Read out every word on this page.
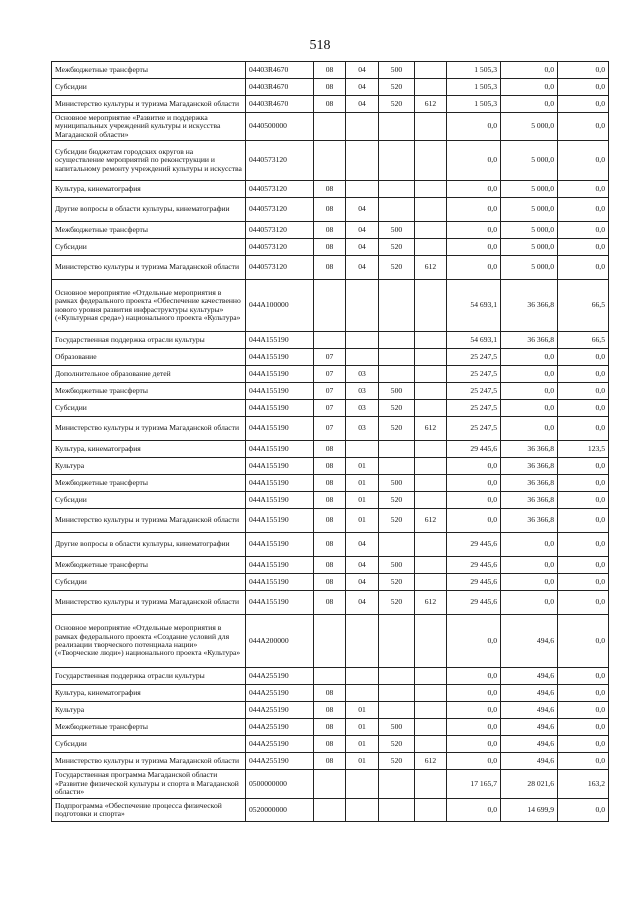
518
Межбюджетные трансферты	04403R4670	08	04	500		1 505,3	0,0	0,0
Субсидии	04403R4670	08	04	520		1 505,3	0,0	0,0
Министерство культуры и туризма Магаданской области	04403R4670	08	04	520	612	1 505,3	0,0	0,0
Основное мероприятие «Развитие и поддержка муниципальных учреждений культуры и искусства Магаданской области»	0440500000					0,0	5 000,0	0,0
Субсидии бюджетам городских округов на осуществление мероприятий по реконструкции и капитальному ремонту учреждений культуры и искусства	0440573120					0,0	5 000,0	0,0
Культура, кинематография	0440573120	08				0,0	5 000,0	0,0
Другие вопросы в области культуры, кинематографии	0440573120	08	04			0,0	5 000,0	0,0
Межбюджетные трансферты	0440573120	08	04	500		0,0	5 000,0	0,0
Субсидии	0440573120	08	04	520		0,0	5 000,0	0,0
Министерство культуры и туризма Магаданской области	0440573120	08	04	520	612	0,0	5 000,0	0,0
Основное мероприятие «Отдельные мероприятия в рамках федерального проекта «Обеспечение качественно нового уровня развития инфраструктуры культуры» («Культурная среда») национального проекта «Культура»	044A100000					54 693,1	36 366,8	66,5
Государственная поддержка отрасли культуры	044A155190					54 693,1	36 366,8	66,5
Образование	044A155190	07				25 247,5	0,0	0,0
Дополнительное образование детей	044A155190	07	03			25 247,5	0,0	0,0
Межбюджетные трансферты	044A155190	07	03	500		25 247,5	0,0	0,0
Субсидии	044A155190	07	03	520		25 247,5	0,0	0,0
Министерство культуры и туризма Магаданской области	044A155190	07	03	520	612	25 247,5	0,0	0,0
Культура, кинематография	044A155190	08				29 445,6	36 366,8	123,5
Культура	044A155190	08	01			0,0	36 366,8	0,0
Межбюджетные трансферты	044A155190	08	01	500		0,0	36 366,8	0,0
Субсидии	044A155190	08	01	520		0,0	36 366,8	0,0
Министерство культуры и туризма Магаданской области	044A155190	08	01	520	612	0,0	36 366,8	0,0
Другие вопросы в области культуры, кинематографии	044A155190	08	04			29 445,6	0,0	0,0
Межбюджетные трансферты	044A155190	08	04	500		29 445,6	0,0	0,0
Субсидии	044A155190	08	04	520		29 445,6	0,0	0,0
Министерство культуры и туризма Магаданской области	044A155190	08	04	520	612	29 445,6	0,0	0,0
Основное мероприятие «Отдельные мероприятия в рамках федерального проекта «Создание условий для реализации творческого потенциала нации» («Творческие люди») национального проекта «Культура»	044A200000					0,0	494,6	0,0
Государственная поддержка отрасли культуры	044A255190					0,0	494,6	0,0
Культура, кинематография	044A255190	08				0,0	494,6	0,0
Культура	044A255190	08	01			0,0	494,6	0,0
Межбюджетные трансферты	044A255190	08	01	500		0,0	494,6	0,0
Субсидии	044A255190	08	01	520		0,0	494,6	0,0
Министерство культуры и туризма Магаданской области	044A255190	08	01	520	612	0,0	494,6	0,0
Государственная программа Магаданской области «Развитие физической культуры и спорта в Магаданской области»	0500000000					17 165,7	28 021,6	163,2
Подпрограмма «Обеспечение процесса физической подготовки и спорта»	0520000000					0,0	14 699,9	0,0
